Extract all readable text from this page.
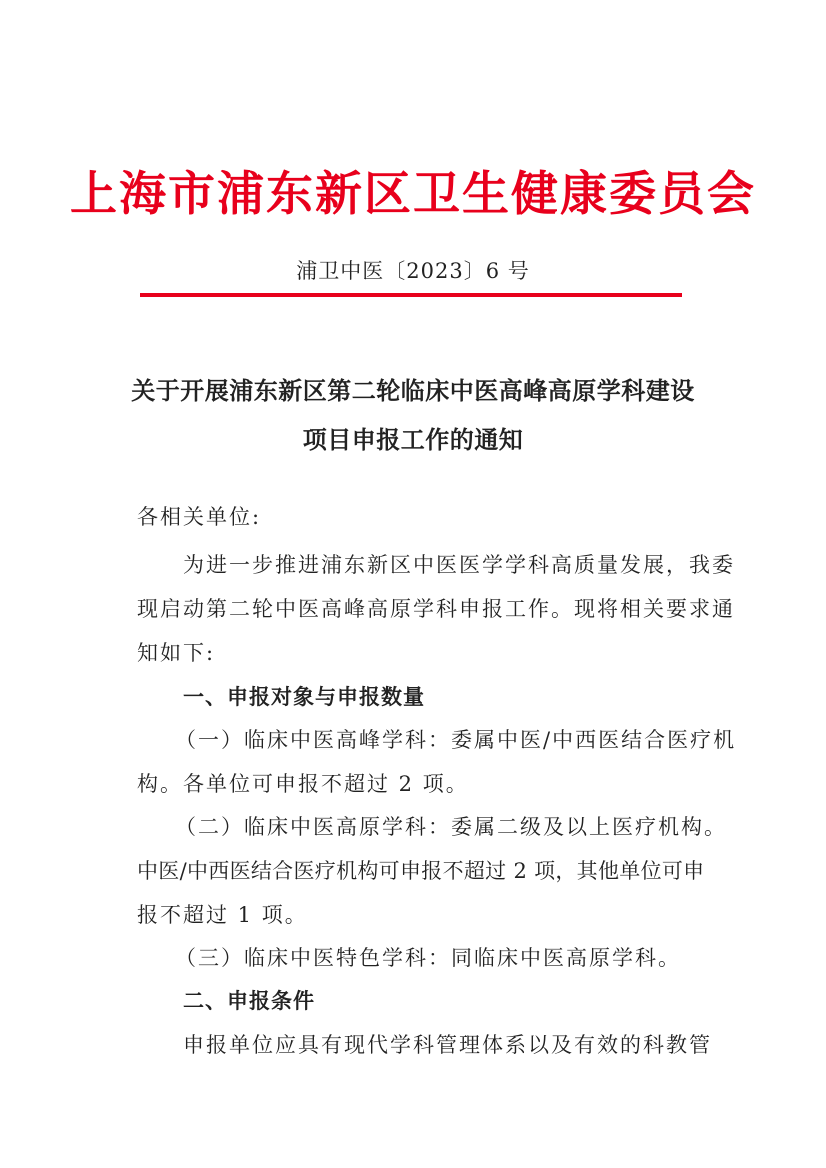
上海市浦东新区卫生健康委员会
浦卫中医〔2023〕6 号
关于开展浦东新区第二轮临床中医高峰高原学科建设
项目申报工作的通知
各相关单位:
为进一步推进浦东新区中医医学学科高质量发展，我委
现启动第二轮中医高峰高原学科申报工作。现将相关要求通
知如下:
一、申报对象与申报数量
（一）临床中医高峰学科：委属中医/中西医结合医疗机
构。各单位可申报不超过 2 项。
（二）临床中医高原学科：委属二级及以上医疗机构。
中医/中西医结合医疗机构可申报不超过 2 项，其他单位可申
报不超过 1 项。
（三）临床中医特色学科：同临床中医高原学科。
二、申报条件
申报单位应具有现代学科管理体系以及有效的科教管
